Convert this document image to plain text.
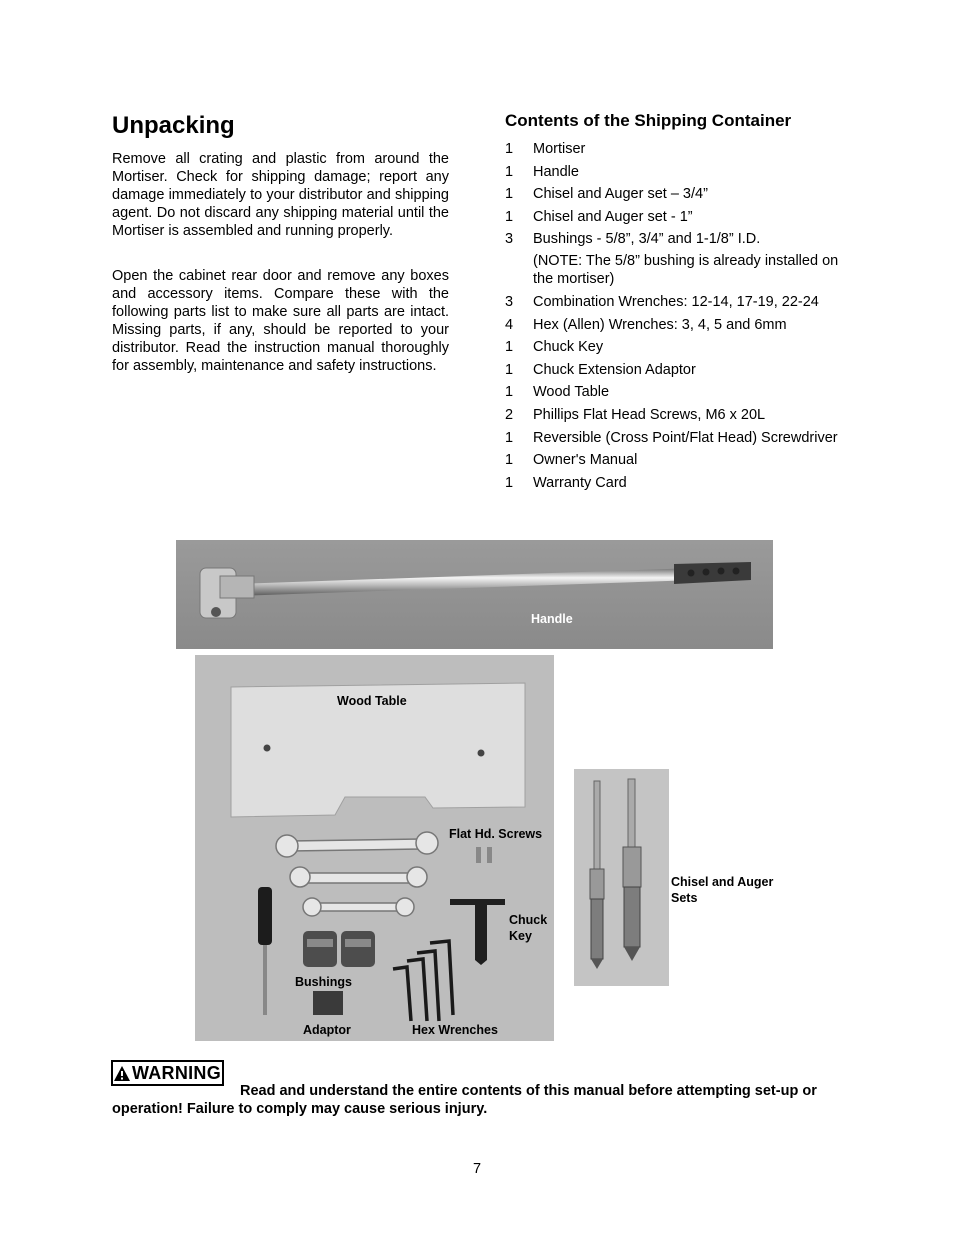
Unpacking

Remove all crating and plastic from around the Mortiser. Check for shipping damage; report any damage immediately to your distributor and shipping agent. Do not discard any shipping material until the Mortiser is assembled and running properly.

Open the cabinet rear door and remove any boxes and accessory items. Compare these with the following parts list to make sure all parts are intact. Missing parts, if any, should be reported to your distributor. Read the instruction manual thoroughly for assembly, maintenance and safety instructions.

Contents of the Shipping Container
1	Mortiser
1	Handle
1	Chisel and Auger set – 3/4”
1	Chisel and Auger set - 1”
3	Bushings - 5/8”, 3/4” and 1-1/8” I.D.
(NOTE: The 5/8” bushing is already installed on the mortiser)
3	Combination Wrenches: 12-14, 17-19, 22-24
4	Hex (Allen) Wrenches: 3, 4, 5 and 6mm
1	Chuck Key
1	Chuck Extension Adaptor
1	Wood Table
2	Phillips Flat Head Screws, M6 x 20L
1	Reversible (Cross Point/Flat Head) Screwdriver
1	Owner's Manual
1	Warranty Card
Handle
Wood Table
Flat Hd. Screws
Chuck
Key
Bushings
Adaptor	Hex Wrenches
Chisel and Auger
Sets
WARNING

Read and understand the entire contents of this manual before attempting set-up or operation! Failure to comply may cause serious injury.

7
